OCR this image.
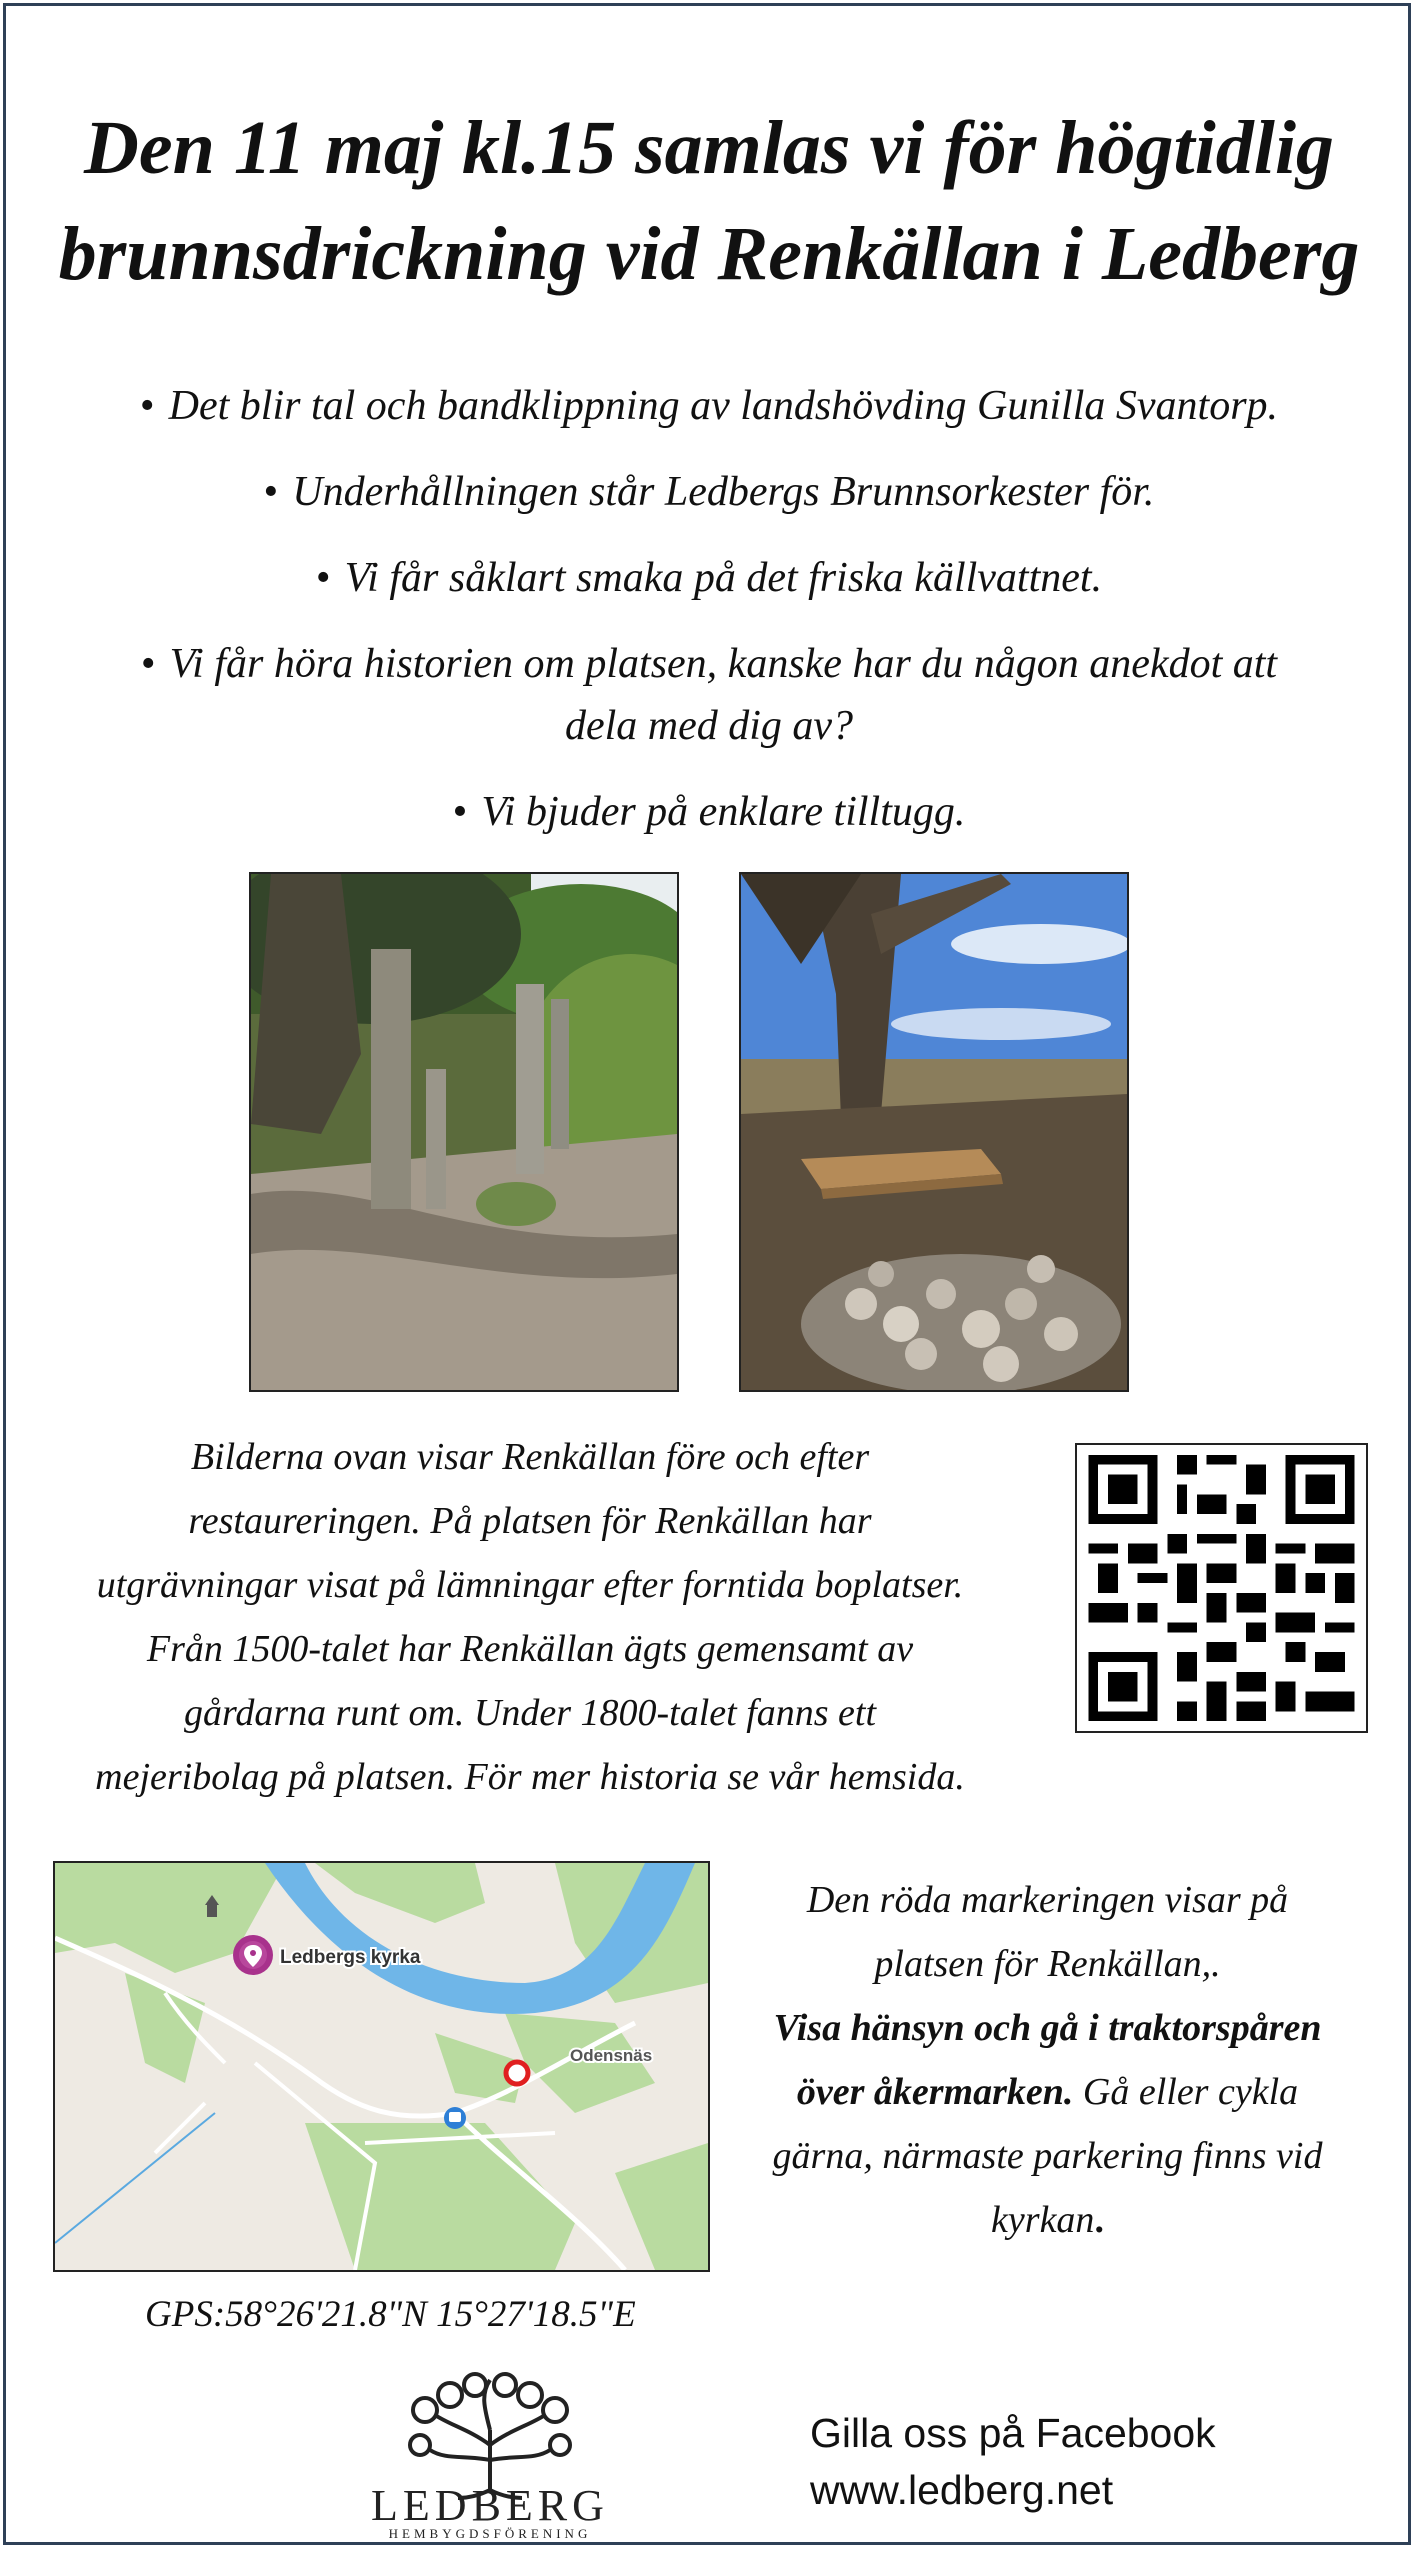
Den 11 maj kl.15 samlas vi för högtidlig
brunnsdrickning vid Renkällan i Ledberg
• Det blir tal och bandklippning av landshövding Gunilla Svantorp.
• Underhållningen står Ledbergs Brunnsorkester för.
• Vi får såklart smaka på det friska källvattnet.
• Vi får höra historien om platsen, kanske har du någon anekdot att
dela med dig av?
• Vi bjuder på enklare tilltugg.
Bilderna ovan visar Renkällan före och efter
restaureringen. På platsen för Renkällan har
utgrävningar visat på lämningar efter forntida boplatser.
Från 1500-talet har Renkällan ägts gemensamt av
gårdarna runt om. Under 1800-talet fanns ett
mejeribolag på platsen. För mer historia se vår hemsida.
Ledbergs kyrka
Odensnäs
Den röda markeringen visar på
platsen för Renkällan,.
Visa hänsyn och gå i traktorspåren
över åkermarken. Gå eller cykla
gärna, närmaste parkering finns vid
kyrkan.
GPS:58°26'21.8"N 15°27'18.5"E
LEDBERG
HEMBYGDSFÖRENING
Gilla oss på Facebook
www.ledberg.net
